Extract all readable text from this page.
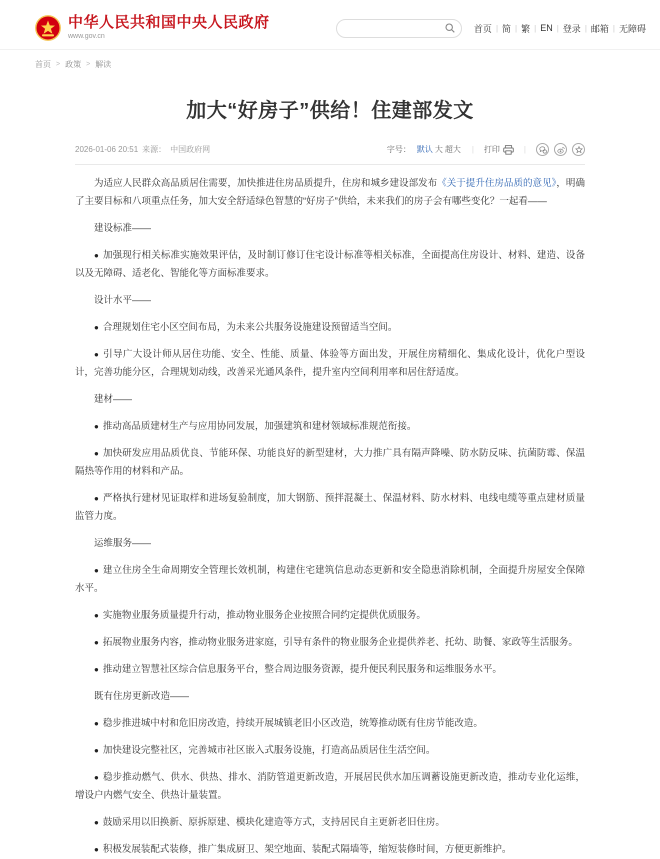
中华人民共和国中央人民政府
www.gov.cn
首页 | 简 | 繁 | EN | 登录 | 邮箱 | 无障碍
首页 > 政策 > 解读
加大“好房子”供给！住建部发文
2026-01-06 20:51 来源： 中国政府网	字号： 默认 大 超大 | 打印	|

为适应人民群众高品质居住需要，加快推进住房品质提升，住房和城乡建设部发布《关于提升住房品质的意见》，明确了主要目标和八项重点任务，加大安全舒适绿色智慧的“好房子”供给，未来我们的房子会有哪些变化？一起看——

建设标准——

● 加强现行相关标准实施效果评估，及时制订修订住宅设计标准等相关标准，全面提高住房设计、材料、建造、设备以及无障碍、适老化、智能化等方面标准要求。

设计水平——

● 合理规划住宅小区空间布局，为未来公共服务设施建设预留适当空间。

● 引导广大设计师从居住功能、安全、性能、质量、体验等方面出发，开展住房精细化、集成化设计，优化户型设计，完善功能分区，合理规划动线，改善采光通风条件，提升室内空间利用率和居住舒适度。

建材——

● 推动高品质建材生产与应用协同发展，加强建筑和建材领域标准规范衔接。

● 加快研发应用品质优良、节能环保、功能良好的新型建材，大力推广具有隔声降噪、防水防反味、抗菌防霉、保温隔热等作用的材料和产品。

● 严格执行建材见证取样和进场复验制度，加大钢筋、预拌混凝土、保温材料、防水材料、电线电缆等重点建材质量监管力度。

运维服务——

● 建立住房全生命周期安全管理长效机制，构建住宅建筑信息动态更新和安全隐患消除机制，全面提升房屋安全保障水平。

● 实施物业服务质量提升行动，推动物业服务企业按照合同约定提供优质服务。

● 拓展物业服务内容，推动物业服务进家庭，引导有条件的物业服务企业提供养老、托幼、助餐、家政等生活服务。

● 推动建立智慧社区综合信息服务平台，整合周边服务资源，提升便民利民服务和运维服务水平。

既有住房更新改造——

● 稳步推进城中村和危旧房改造，持续开展城镇老旧小区改造，统筹推动既有住房节能改造。

● 加快建设完整社区，完善城市社区嵌入式服务设施，打造高品质居住生活空间。

● 稳步推动燃气、供水、供热、排水、消防管道更新改造，开展居民供水加压调蓄设施更新改造，推动专业化运维，增设户内燃气安全、供热计量装置。

● 鼓励采用以旧换新、原拆原建、模块化建造等方式，支持居民自主更新老旧住房。

● 积极发展装配式装修，推广集成厨卫、架空地面、装配式隔墙等，缩短装修时间，方便更新维护。
